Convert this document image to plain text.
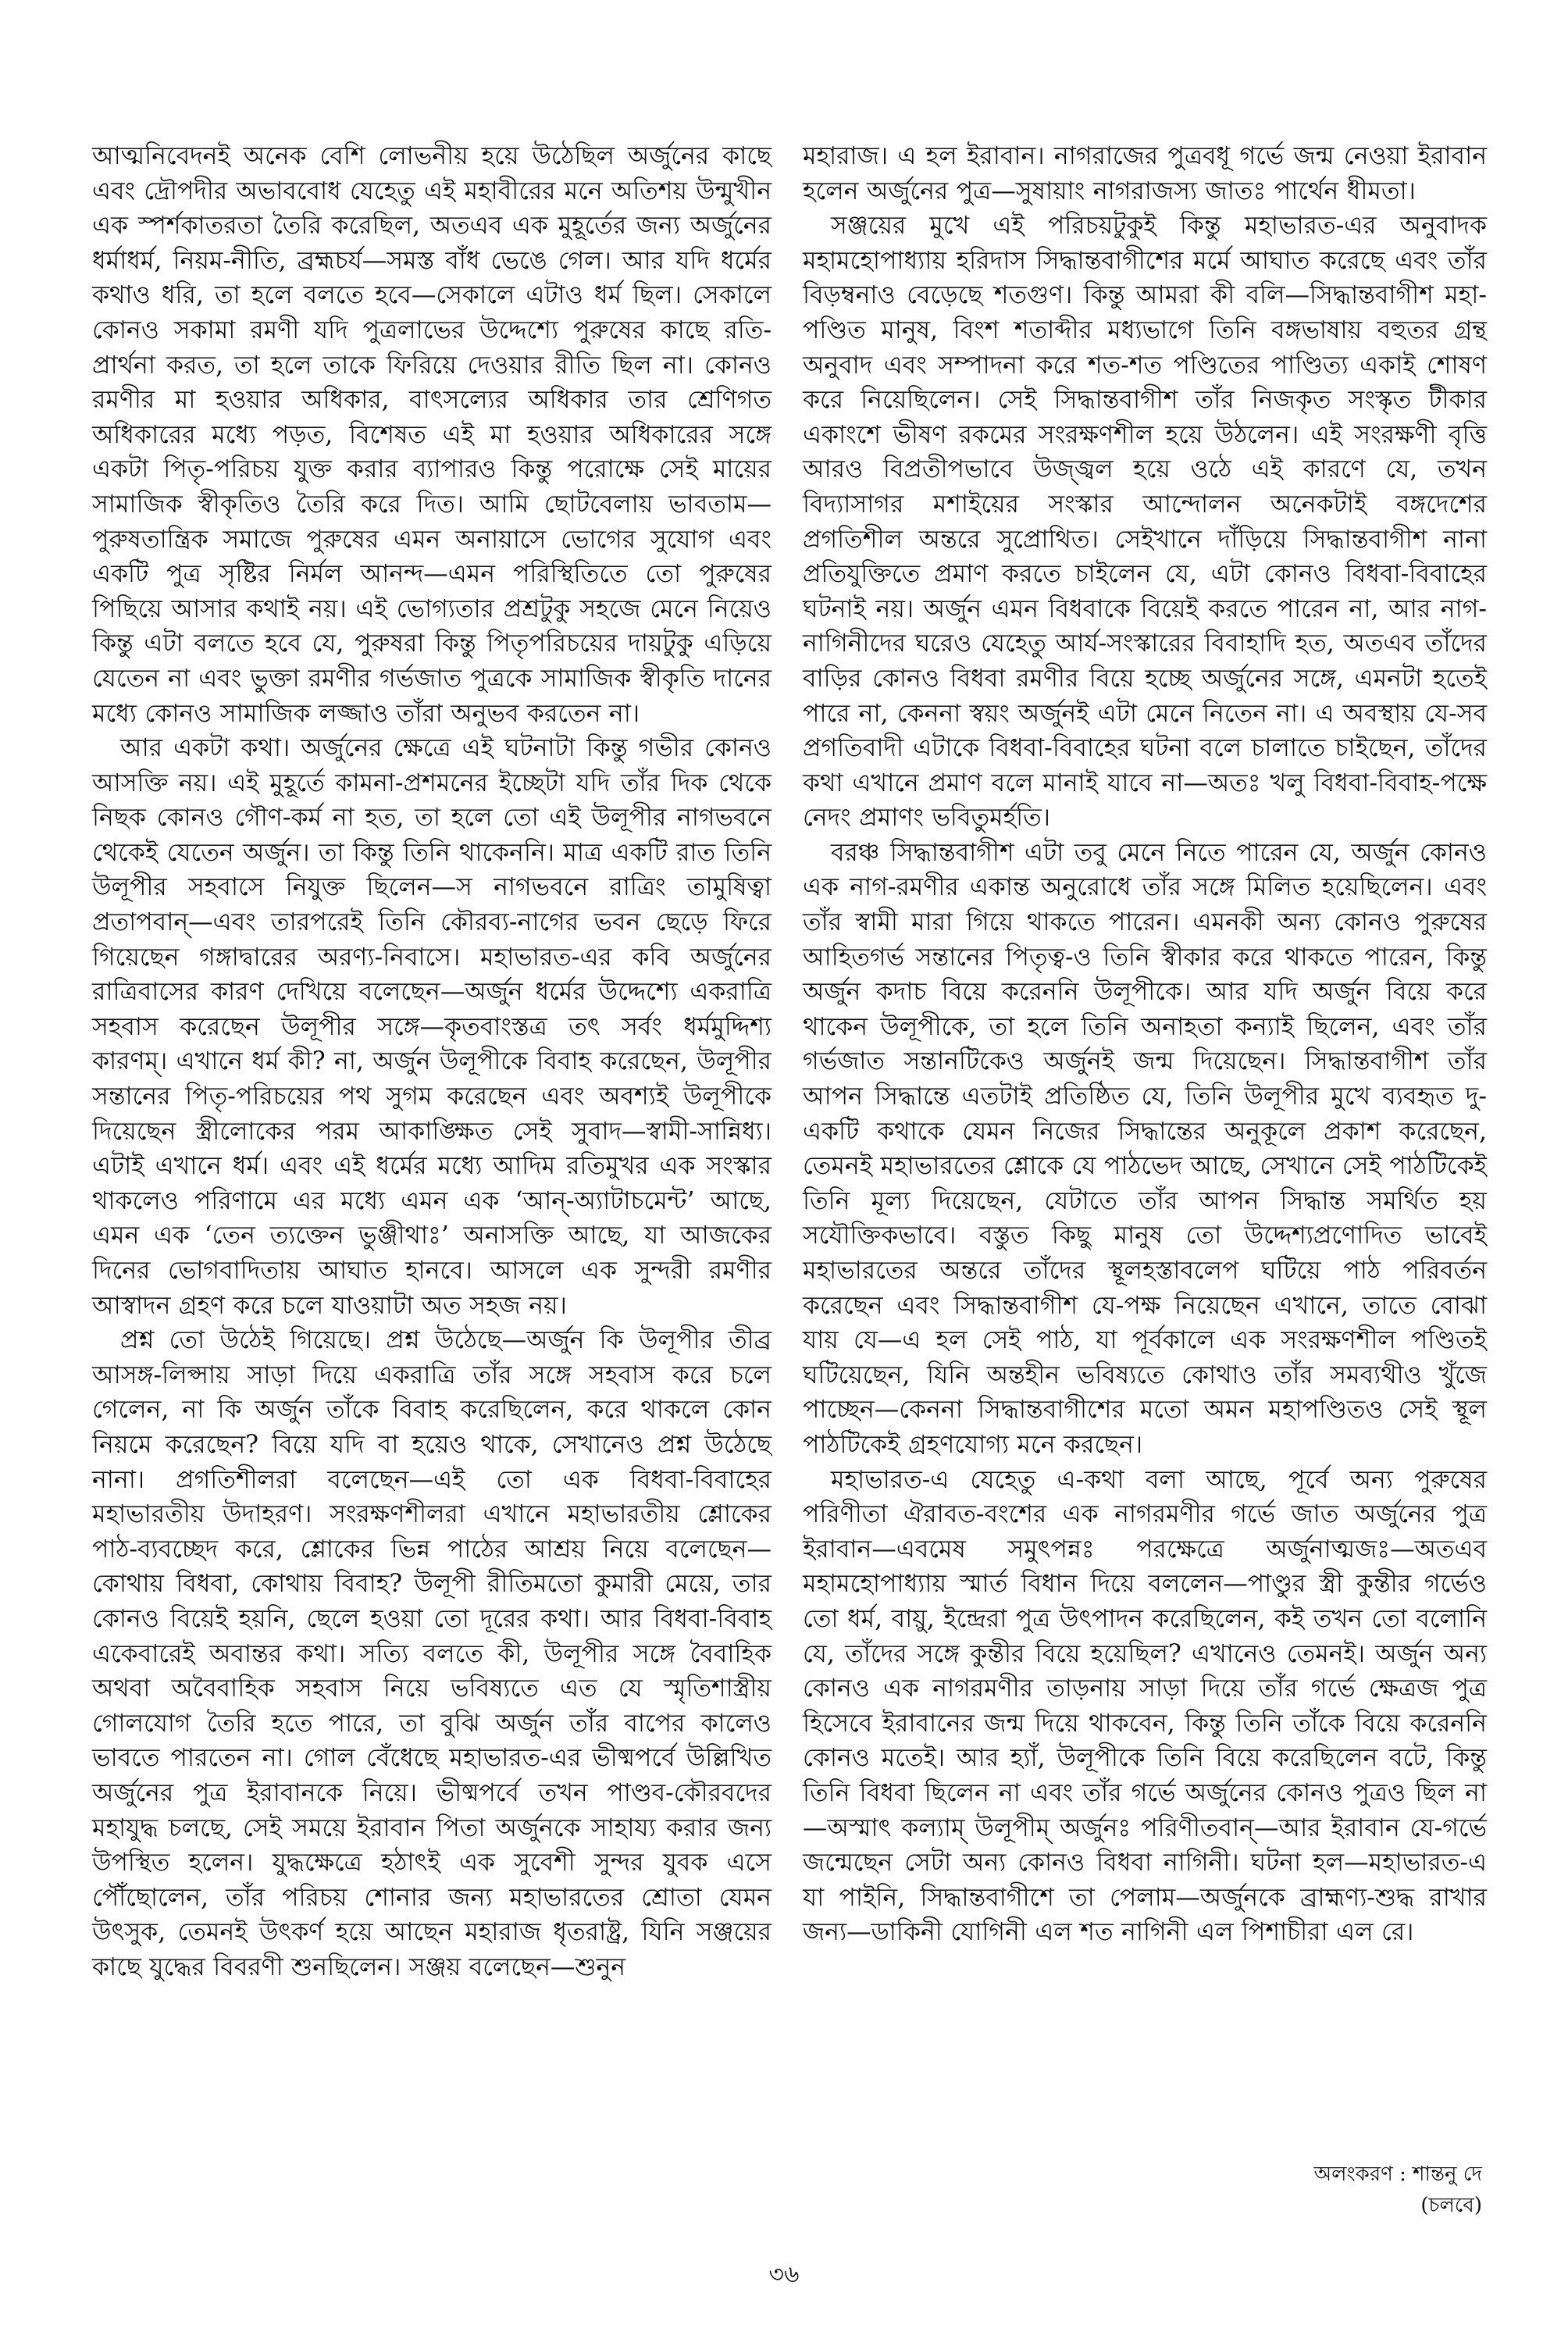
আত্মনিবেদনই অনেক বেশি লোভনীয় হয়ে উঠেছিল অর্জুনের কাছে এবং দ্রৌপদীর অভাববোধ যেহেতু এই মহাবীরের মনে অতিশয় উন্মুখীন এক স্পর্শকাতরতা তৈরি করেছিল, অতএব এক মুহূর্তের জন্য অর্জুনের ধর্মাধর্ম, নিয়ম-নীতি, ব্রহ্মচর্য—সমস্ত বাঁধ ভেঙে গেল। আর যদি ধর্মের কথাও ধরি, তা হলে বলতে হবে—সেকালে এটাও ধর্ম ছিল। সেকালে কোনও সকামা রমণী যদি পুত্রলাভের উদ্দেশ্যে পুরুষের কাছে রতি-প্রার্থনা করত, তা হলে তাকে ফিরিয়ে দেওয়ার রীতি ছিল না। কোনও রমণীর মা হওয়ার অধিকার, বাৎসল্যের অধিকার তার শ্রেণিগত অধিকারের মধ্যে পড়ত, বিশেষত এই মা হওয়ার অধিকারের সঙ্গে একটা পিতৃ-পরিচয় যুক্ত করার ব্যাপারও কিন্তু পরোক্ষে সেই মায়ের সামাজিক স্বীকৃতিও তৈরি করে দিত। আমি ছোটবেলায় ভাবতাম—পুরুষতান্ত্রিক সমাজে পুরুষের এমন অনায়াসে ভোগের সুযোগ এবং একটি পুত্র সৃষ্টির নির্মল আনন্দ—এমন পরিস্থিতিতে তো পুরুষের পিছিয়ে আসার কথাই নয়। এই ভোগ্যতার প্রশ্রটুকু সহজে মেনে নিয়েও কিন্তু এটা বলতে হবে যে, পুরুষরা কিন্তু পিতৃপরিচয়ের দায়টুকু এড়িয়ে যেতেন না এবং ভুক্তা রমণীর গর্ভজাত পুত্রকে সামাজিক স্বীকৃতি দানের মধ্যে কোনও সামাজিক লজ্জাও তাঁরা অনুভব করতেন না।

আর একটা কথা। অর্জুনের ক্ষেত্রে এই ঘটনাটা কিন্তু গভীর কোনও আসক্তি নয়। এই মুহূর্তে কামনা-প্রশমনের ইচ্ছেটা যদি তাঁর দিক থেকে নিছক কোনও গৌণ-কর্ম না হত, তা হলে তো এই উলূপীর নাগভবনে থেকেই যেতেন অর্জুন। তা কিন্তু তিনি থাকেননি। মাত্র একটি রাত তিনি উলূপীর সহবাসে নিযুক্ত ছিলেন—স নাগভবনে রাত্রিং তামুষিত্বা প্রতাপবান্—এবং তারপরেই তিনি কৌরব্য-নাগের ভবন ছেড়ে ফিরে গিয়েছেন গঙ্গাদ্বারের অরণ্য-নিবাসে। মহাভারত-এর কবি অর্জুনের রাত্রিবাসের কারণ দেখিয়ে বলেছেন—অর্জুন ধর্মের উদ্দেশ্যে একরাত্রি সহবাস করেছেন উলূপীর সঙ্গে—কৃতবাংস্তত্র তৎ সর্বং ধর্মমুদ্দিশ্য কারণম্। এখানে ধর্ম কী? না, অর্জুন উলূপীকে বিবাহ করেছেন, উলূপীর সন্তানের পিতৃ-পরিচয়ের পথ সুগম করেছেন এবং অবশ্যই উলূপীকে দিয়েছেন স্ত্রীলোকের পরম আকাঙ্ক্ষিত সেই সুবাদ—স্বামী-সান্নিধ্য। এটাই এখানে ধর্ম। এবং এই ধর্মের মধ্যে আদিম রতিমুখর এক সংস্কার থাকলেও পরিণামে এর মধ্যে এমন এক ‘আন্-অ্যাটাচমেন্ট’ আছে, এমন এক ‘তেন ত্যক্তেন ভুঞ্জীথাঃ’ অনাসক্তি আছে, যা আজকের দিনের ভোগবাদিতায় আঘাত হানবে। আসলে এক সুন্দরী রমণীর আস্বাদন গ্রহণ করে চলে যাওয়াটা অত সহজ নয়।

প্রশ্ন তো উঠেই গিয়েছে। প্রশ্ন উঠেছে—অর্জুন কি উলূপীর তীব্র আসঙ্গ-লিপ্সায় সাড়া দিয়ে একরাত্রি তাঁর সঙ্গে সহবাস করে চলে গেলেন, না কি অর্জুন তাঁকে বিবাহ করেছিলেন, করে থাকলে কোন নিয়মে করেছেন? বিয়ে যদি বা হয়েও থাকে, সেখানেও প্রশ্ন উঠেছে নানা। প্রগতিশীলরা বলেছেন—এই তো এক বিধবা-বিবাহের মহাভারতীয় উদাহরণ। সংরক্ষণশীলরা এখানে মহাভারতীয় শ্লোকের পাঠ-ব্যবচ্ছেদ করে, শ্লোকের ভিন্ন পাঠের আশ্রয় নিয়ে বলেছেন—কোথায় বিধবা, কোথায় বিবাহ? উলূপী রীতিমতো কুমারী মেয়ে, তার কোনও বিয়েই হয়নি, ছেলে হওয়া তো দূরের কথা। আর বিধবা-বিবাহ একেবারেই অবান্তর কথা। সত্যি বলতে কী, উলূপীর সঙ্গে বৈবাহিক অথবা অবৈবাহিক সহবাস নিয়ে ভবিষ্যতে এত যে স্মৃতিশাস্ত্রীয় গোলযোগ তৈরি হতে পারে, তা বুঝি অর্জুন তাঁর বাপের কালেও ভাবতে পারতেন না। গোল বেঁধেছে মহাভারত-এর ভীষ্মপর্বে উল্লিখিত অর্জুনের পুত্র ইরাবানকে নিয়ে। ভীষ্মপর্বে তখন পাণ্ডব-কৌরবদের মহাযুদ্ধ চলছে, সেই সময়ে ইরাবান পিতা অর্জুনকে সাহায্য করার জন্য উপস্থিত হলেন। যুদ্ধক্ষেত্রে হঠাৎই এক সুবেশী সুন্দর যুবক এসে পৌঁছোলেন, তাঁর পরিচয় শোনার জন্য মহাভারতের শ্রোতা যেমন উৎসুক, তেমনই উৎকর্ণ হয়ে আছেন মহারাজ ধৃতরাষ্ট্র, যিনি সঞ্জয়ের কাছে যুদ্ধের বিবরণী শুনছিলেন। সঞ্জয় বলেছেন—শুনুন

মহারাজ। এ হল ইরাবান। নাগরাজের পুত্রবধূ গর্ভে জন্ম নেওয়া ইরাবান হলেন অর্জুনের পুত্র—সুষায়াং নাগরাজস্য জাতঃ পার্থেন ধীমতা।

সঞ্জয়ের মুখে এই পরিচয়টুকুই কিন্তু মহাভারত-এর অনুবাদক মহামহোপাধ্যায় হরিদাস সিদ্ধান্তবাগীশের মর্মে আঘাত করেছে এবং তাঁর বিড়ম্বনাও বেড়েছে শতগুণ। কিন্তু আমরা কী বলি—সিদ্ধান্তবাগীশ মহা-পণ্ডিত মানুষ, বিংশ শতাব্দীর মধ্যভাগে তিনি বঙ্গভাষায় বহুতর গ্রন্থ অনুবাদ এবং সম্পাদনা করে শত-শত পণ্ডিতের পাণ্ডিত্য একাই শোষণ করে নিয়েছিলেন। সেই সিদ্ধান্তবাগীশ তাঁর নিজকৃত সংস্কৃত টীকার একাংশে ভীষণ রকমের সংরক্ষণশীল হয়ে উঠলেন। এই সংরক্ষণী বৃত্তি আরও বিপ্রতীপভাবে উজ্জ্বল হয়ে ওঠে এই কারণে যে, তখন বিদ্যাসাগর মশাইয়ের সংস্কার আন্দোলন অনেকটাই বঙ্গদেশের প্রগতিশীল অন্তরে সুপ্রোথিত। সেইখানে দাঁড়িয়ে সিদ্ধান্তবাগীশ নানা প্রতিযুক্তিতে প্রমাণ করতে চাইলেন যে, এটা কোনও বিধবা-বিবাহের ঘটনাই নয়। অর্জুন এমন বিধবাকে বিয়েই করতে পারেন না, আর নাগ-নাগিনীদের ঘরেও যেহেতু আর্য-সংস্কারের বিবাহাদি হত, অতএব তাঁদের বাড়ির কোনও বিধবা রমণীর বিয়ে হচ্ছে অর্জুনের সঙ্গে, এমনটা হতেই পারে না, কেননা স্বয়ং অর্জুনই এটা মেনে নিতেন না। এ অবস্থায় যে-সব প্রগতিবাদী এটাকে বিধবা-বিবাহের ঘটনা বলে চালাতে চাইছেন, তাঁদের কথা এখানে প্রমাণ বলে মানাই যাবে না—অতঃ খলু বিধবা-বিবাহ-পক্ষে নেদং প্রমাণং ভবিতুমর্হতি।

বরঞ্চ সিদ্ধান্তবাগীশ এটা তবু মেনে নিতে পারেন যে, অর্জুন কোনও এক নাগ-রমণীর একান্ত অনুরোধে তাঁর সঙ্গে মিলিত হয়েছিলেন। এবং তাঁর স্বামী মারা গিয়ে থাকতে পারেন। এমনকী অন্য কোনও পুরুষের আহিতগর্ভ সন্তানের পিতৃত্ব-ও তিনি স্বীকার করে থাকতে পারেন, কিন্তু অর্জুন কদাচ বিয়ে করেননি উলূপীকে। আর যদি অর্জুন বিয়ে করে থাকেন উলূপীকে, তা হলে তিনি অনাহতা কন্যাই ছিলেন, এবং তাঁর গর্ভজাত সন্তানটিকেও অর্জুনই জন্ম দিয়েছেন। সিদ্ধান্তবাগীশ তাঁর আপন সিদ্ধান্তে এতটাই প্রতিষ্ঠিত যে, তিনি উলূপীর মুখে ব্যবহৃত দু-একটি কথাকে যেমন নিজের সিদ্ধান্তের অনুকূলে প্রকাশ করেছেন, তেমনই মহাভারতের শ্লোকে যে পাঠভেদ আছে, সেখানে সেই পাঠটিকেই তিনি মূল্য দিয়েছেন, যেটাতে তাঁর আপন সিদ্ধান্ত সমর্থিত হয় সযৌক্তিকভাবে। বস্তুত কিছু মানুষ তো উদ্দেশ্যপ্রণোদিত ভাবেই মহাভারতের অন্তরে তাঁদের স্থূলহস্তাবলেপ ঘটিয়ে পাঠ পরিবর্তন করেছেন এবং সিদ্ধান্তবাগীশ যে-পক্ষ নিয়েছেন এখানে, তাতে বোঝা যায় যে—এ হল সেই পাঠ, যা পূর্বকালে এক সংরক্ষণশীল পণ্ডিতই ঘটিয়েছেন, যিনি অন্তহীন ভবিষ্যতে কোথাও তাঁর সমব্যথীও খুঁজে পাচ্ছেন—কেননা সিদ্ধান্তবাগীশের মতো অমন মহাপণ্ডিতও সেই স্থূল পাঠটিকেই গ্রহণযোগ্য মনে করছেন।

মহাভারত-এ যেহেতু এ-কথা বলা আছে, পূর্বে অন্য পুরুষের পরিণীতা ঐরাবত-বংশের এক নাগরমণীর গর্ভে জাত অর্জুনের পুত্র ইরাবান—এবমেষ সমুৎপন্নঃ পরক্ষেত্রে অর্জুনাত্মজঃ—অতএব মহামহোপাধ্যায় স্মার্ত বিধান দিয়ে বললেন—পাণ্ডুর স্ত্রী কুন্তীর গর্ভেও তো ধর্ম, বায়ু, ইন্দ্রেরা পুত্র উৎপাদন করেছিলেন, কই তখন তো বলোনি যে, তাঁদের সঙ্গে কুন্তীর বিয়ে হয়েছিল? এখানেও তেমনই। অর্জুন অন্য কোনও এক নাগরমণীর তাড়নায় সাড়া দিয়ে তাঁর গর্ভে ক্ষেত্রজ পুত্র হিসেবে ইরাবানের জন্ম দিয়ে থাকবেন, কিন্তু তিনি তাঁকে বিয়ে করেননি কোনও মতেই। আর হ্যাঁ, উলূপীকে তিনি বিয়ে করেছিলেন বটে, কিন্তু তিনি বিধবা ছিলেন না এবং তাঁর গর্ভে অর্জুনের কোনও পুত্রও ছিল না—অস্মাৎ কল্যাম্ উলূপীম্ অর্জুনঃ পরিণীতবান্—আর ইরাবান যে-গর্ভে জন্মেছেন সেটা অন্য কোনও বিধবা নাগিনী। ঘটনা হল—মহাভারত-এ যা পাইনি, সিদ্ধান্তবাগীশে তা পেলাম—অর্জুনকে ব্রাহ্মণ্য-শুদ্ধ রাখার জন্য—ডাকিনী যোগিনী এল শত নাগিনী এল পিশাচীরা এল রে।

অলংকরণ : শান্তনু দে
(চলবে)
৩৬
